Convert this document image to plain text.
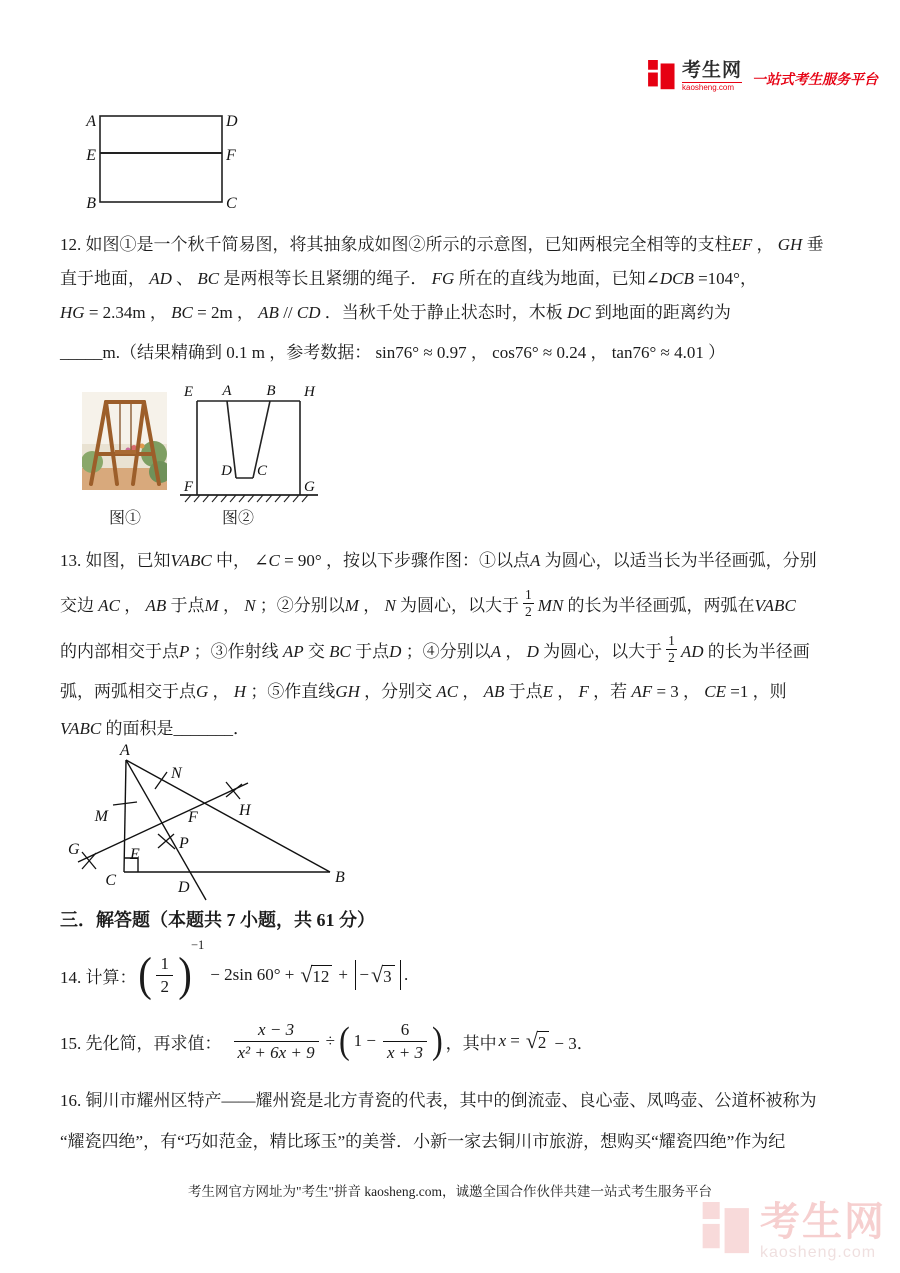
考生网
kaosheng.com
一站式考生服务平台
A	D
E	F
B	C
12. 如图①是一个秋千简易图，将其抽象成如图②所示的示意图，已知两根完全相等的支柱EF ， GH 垂
直于地面， AD 、 BC 是两根等长且紧绷的绳子． FG 所在的直线为地面，已知∠DCB =104°，
HG = 2.34m ， BC = 2m ， AB // CD ．当秋千处于静止状态时，木板 DC 到地面的距离约为
_____m.（结果精确到 0.1 m ，参考数据： sin76° ≈ 0.97 ， cos76° ≈ 0.24 ， tan76° ≈ 4.01 ）
E A B H
F
D C
G
图①	图②
13. 如图，已知VABC 中， ∠C = 90° ，按以下步骤作图：①以点A 为圆心，以适当长为半径画弧，分别
交边 AC ， AB 于点M ， N ；②分别以M ， N 为圆心，以大于
1
2 MN 的长为半径画弧，两弧在VABC
的内部相交于点P ；③作射线 AP 交 BC 于点D ；④分别以A ， D 为圆心，以大于
1
2 AD 的长为半径画
弧，两弧相交于点G ， H ；⑤作直线GH ，分别交 AC ， AB 于点E ， F ，若 AF = 3 ， CE =1 ，则
VABC 的面积是_______．
A
N
M	H
F
G	E
P
C	D
B
三．解答题（本题共 7 小题，共 61 分）
14. 计算： ( 1
2 )
−1
− 2sin 60° + √ 12 + − √ 3 .
15. 先化简，再求值： $\frac{x - 3}{\text{x² + 6x + 9}}$ ÷ ( $1 - \frac{6}{x + 3}$ ) ，其中 x = √ 2 − 3．
16. 铜川市耀州区特产——耀州瓷是北方青瓷的代表，其中的倒流壶、良心壶、凤鸣壶、公道杯被称为
“耀瓷四绝”，有“巧如范金，精比琢玉”的美誉．小新一家去铜川市旅游，想购买“耀瓷四绝”作为纪
考生网官方网址为"考生"拼音 kaosheng.com，诚邀全国合作伙伴共建一站式考生服务平台
考生网
kaosheng.com
